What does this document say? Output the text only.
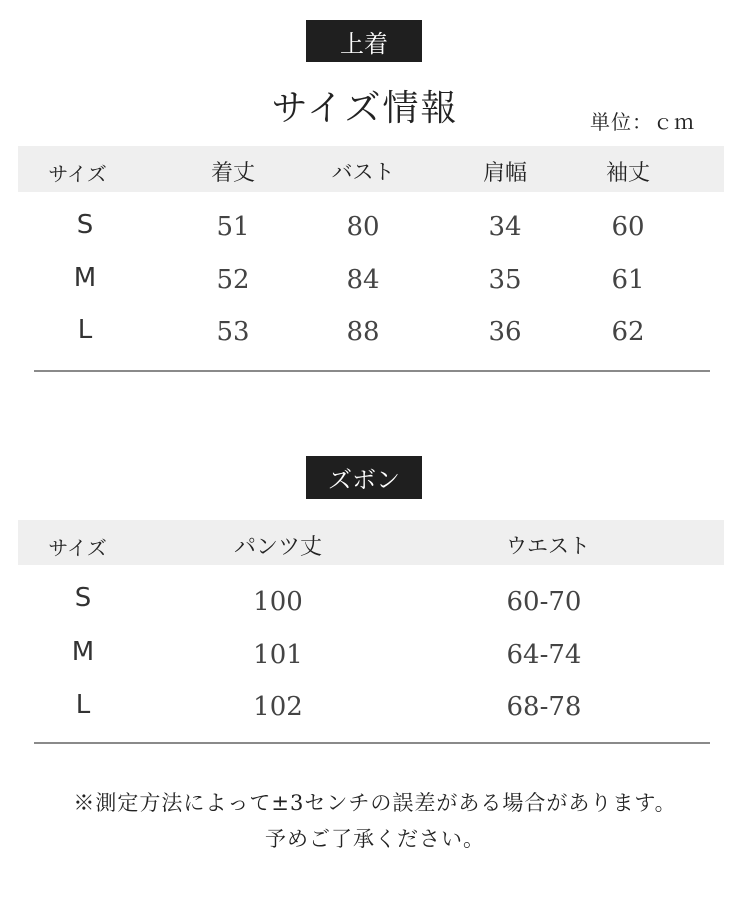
上着
サイズ情報	単位：ｃｍ
サイズ	着丈	バスト	肩幅	袖丈
S	51	80	34	60
M	52	84	35	61
L	53	88	36	62
ズボン
サイズ	パンツ丈	ウエスト
S	100	60-70
M	101	64-74
L	102	68-78
※測定方法によって±3センチの誤差がある場合があります。
予めご了承ください。
